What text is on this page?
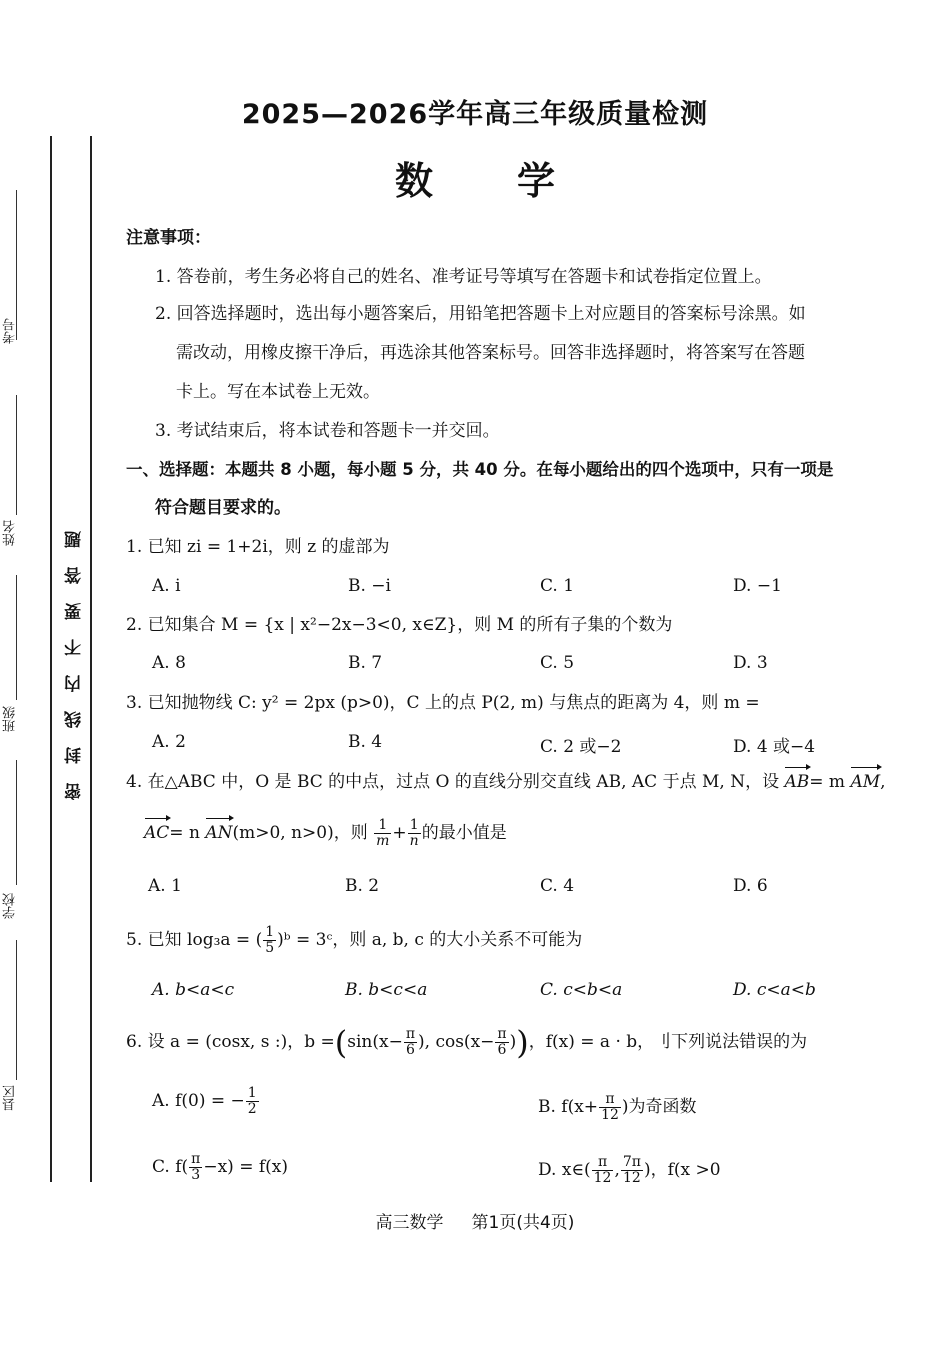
考号
姓名
班级
学校
县区
密封线内不要答题
2025—2026学年高三年级质量检测
数 学
注意事项：
1. 答卷前，考生务必将自己的姓名、准考证号等填写在答题卡和试卷指定位置上。
2. 回答选择题时，选出每小题答案后，用铅笔把答题卡上对应题目的答案标号涂黑。如
需改动，用橡皮擦干净后，再选涂其他答案标号。回答非选择题时，将答案写在答题
卡上。写在本试卷上无效。
3. 考试结束后，将本试卷和答题卡一并交回。
一、选择题：本题共 8 小题，每小题 5 分，共 40 分。在每小题给出的四个选项中，只有一项是
符合题目要求的。
1. 已知 zi = 1+2i，则 z 的虚部为
A. i	B. −i	C. 1	D. −1
2. 已知集合 M = {x | x²−2x−3<0, x∈Z}，则 M 的所有子集的个数为
A. 8	B. 7	C. 5	D. 3
3. 已知抛物线 C: y² = 2px (p>0)，C 上的点 P(2, m) 与焦点的距离为 4，则 m =
A. 2	B. 4	C. 2 或−2	D. 4 或−4
4. 在△ABC 中，O 是 BC 的中点，过点 O 的直线分别交直线 AB, AC 于点 M, N，设 AB= m AM,
AC= n AN(m>0, n>0)，则 $\frac{1}{m} + \frac{1}{n}$ 的最小值是
A. 1	B. 2	C. 4	D. 6
5. 已知 log₃a = ( $\frac{1}{5}$ )ᵇ = 3ᶜ，则 a, b, c 的大小关系不可能为
A. b<a<c	B. b<c<a	C. c<b<a	D. c<a<b
6. 设 a = (cosx, s :)，$b =(\sin(x- \frac{\pi}{6}$ ), $\cos(x- \frac{\pi}{6}$ ))，f(x) = a · b，刂下列说法错误的为
A. f(0) = − $\frac{1}{2}$	B. $f(x+ \frac{\pi}{12}$ )为奇函数
C. $f( \frac{\pi}{3} -x) = f(x)$	D. x∈( $\frac{\pi}{12}$ , $\frac{7\pi}{12}$ )，f(x >0
高三数学 第1页(共4页)
